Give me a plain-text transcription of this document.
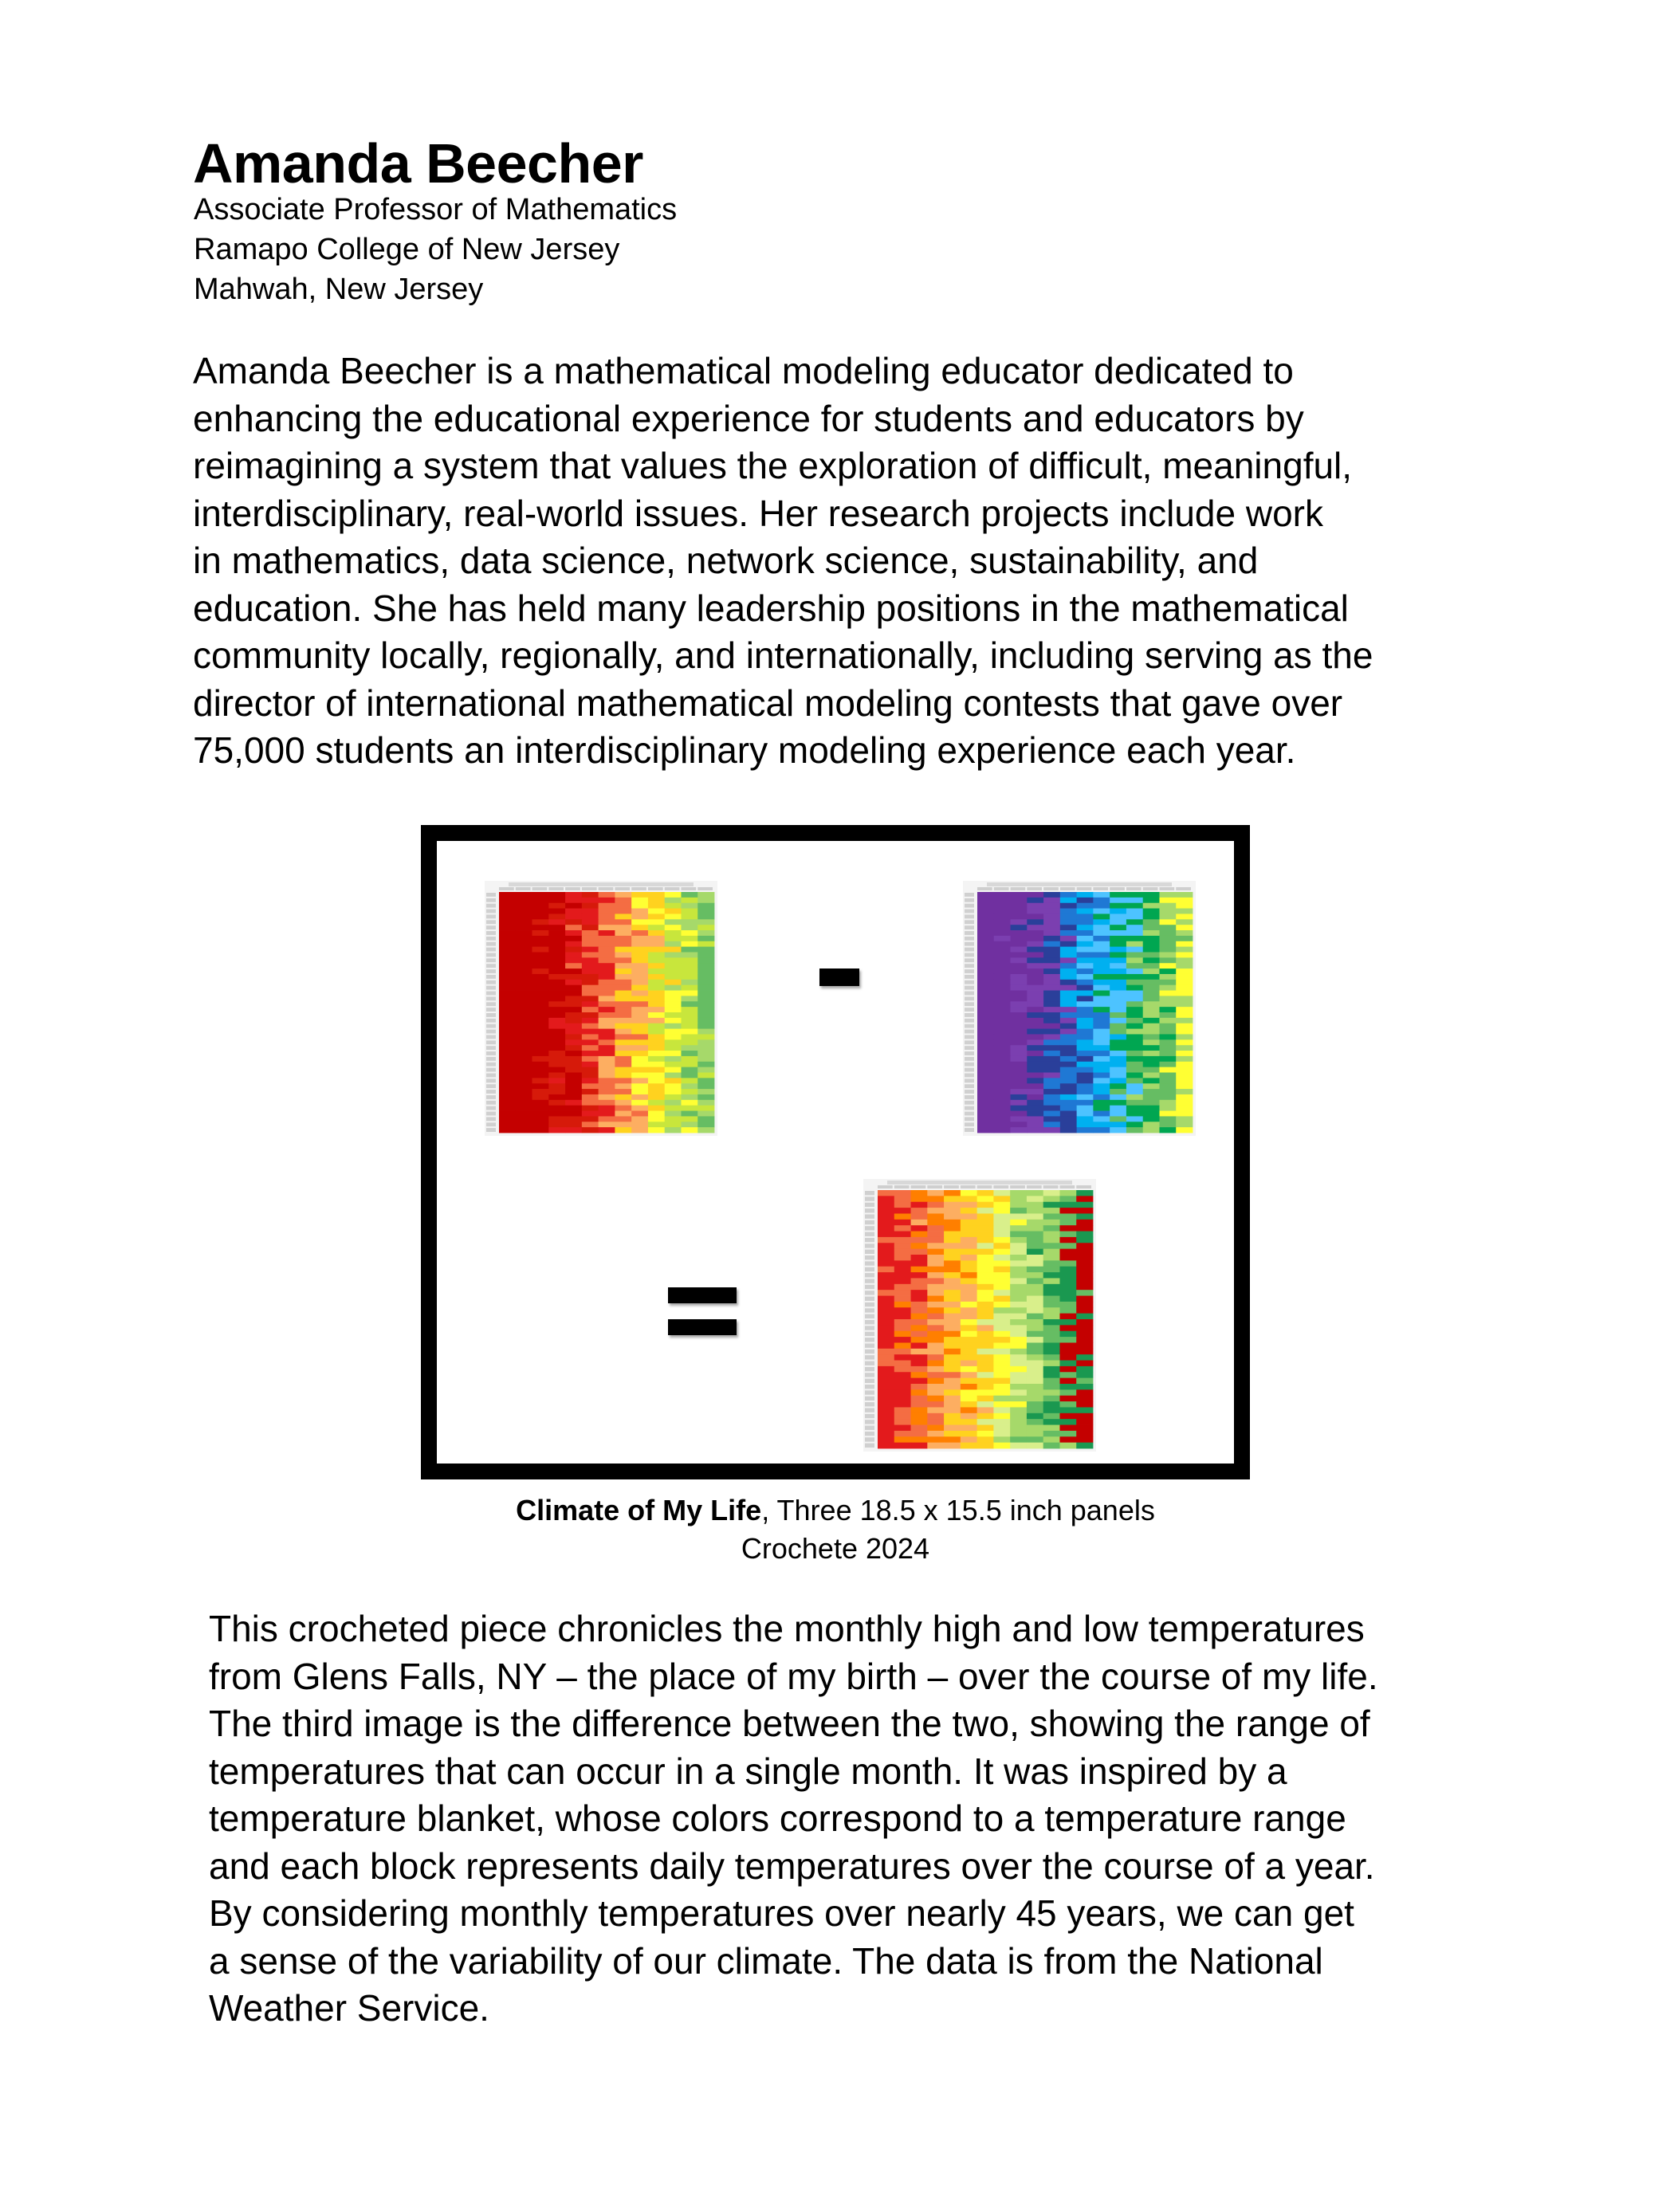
Amanda Beecher
Associate Professor of Mathematics
Ramapo College of New Jersey
Mahwah, New Jersey
Amanda Beecher is a mathematical modeling educator dedicated to
enhancing the educational experience for students and educators by
reimagining a system that values the exploration of difficult, meaningful,
interdisciplinary, real-world issues. Her research projects include work
in mathematics, data science, network science, sustainability, and
education. She has held many leadership positions in the mathematical
community locally, regionally, and internationally, including serving as the
director of international mathematical modeling contests that gave over
75,000 students an interdisciplinary modeling experience each year.
Climate of My Life, Three 18.5 x 15.5 inch panels
Crochete 2024
This crocheted piece chronicles the monthly high and low temperatures
from Glens Falls, NY – the place of my birth – over the course of my life.
The third image is the difference between the two, showing the range of
temperatures that can occur in a single month. It was inspired by a
temperature blanket, whose colors correspond to a temperature range
and each block represents daily temperatures over the course of a year.
By considering monthly temperatures over nearly 45 years, we can get
a sense of the variability of our climate. The data is from the National
Weather Service.
